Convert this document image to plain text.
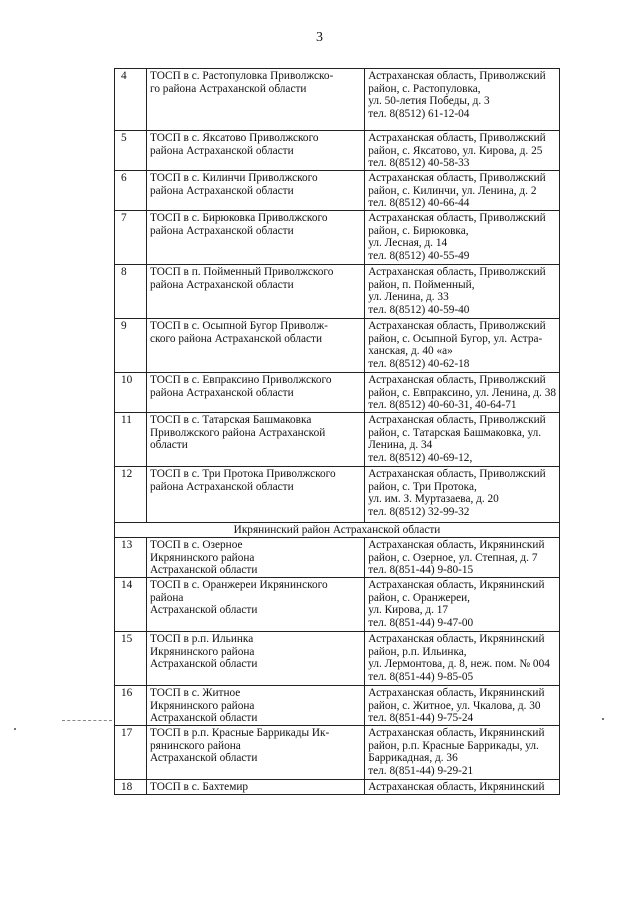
3
4	ТОСП в с. Растопуловка Приволжско-
го района Астраханской области	Астраханская область, Приволжский
район, с. Растопуловка,
ул. 50-летия Победы, д. 3
тел. 8(8512) 61-12-04

5	ТОСП в с. Яксатово Приволжского
района Астраханской области	Астраханская область, Приволжский
район, с. Яксатово, ул. Кирова, д. 25
тел. 8(8512) 40-58-33

6	ТОСП в с. Килинчи Приволжского
района Астраханской области	Астраханская область, Приволжский
район, с. Килинчи, ул. Ленина, д. 2
тел. 8(8512) 40-66-44

7	ТОСП в с. Бирюковка Приволжского
района Астраханской области	Астраханская область, Приволжский
район, с. Бирюковка,
ул. Лесная, д. 14
тел. 8(8512) 40-55-49

8	ТОСП в п. Пойменный Приволжского
района Астраханской области	Астраханская область, Приволжский
район, п. Пойменный,
ул. Ленина, д. 33
тел. 8(8512) 40-59-40

9	ТОСП в с. Осыпной Бугор Приволж-
ского района Астраханской области	Астраханская область, Приволжский
район, с. Осыпной Бугор, ул. Астра-
ханская, д. 40 «а»
тел. 8(8512) 40-62-18

10	ТОСП в с. Евпраксино Приволжского
района Астраханской области	Астраханская область, Приволжский
район, с. Евпраксино, ул. Ленина, д. 38
тел. 8(8512) 40-60-31, 40-64-71

11	ТОСП в с. Татарская Башмаковка
Приволжского района Астраханской
области	Астраханская область, Приволжский
район, с. Татарская Башмаковка, ул.
Ленина, д. 34
тел. 8(8512) 40-69-12,

12	ТОСП в с. Три Протока Приволжского
района Астраханской области	Астраханская область, Приволжский
район, с. Три Протока,
ул. им. З. Муртазаева, д. 20
тел. 8(8512) 32-99-32

Икрянинский район Астраханской области		
13	ТОСП в с. Озерное
Икрянинского района
Астраханской области	Астраханская область, Икрянинский
район, с. Озерное, ул. Степная, д. 7
тел. 8(851-44) 9-80-15

14	ТОСП в с. Оранжереи Икрянинского
района
Астраханской области	Астраханская область, Икрянинский
район, с. Оранжереи,
ул. Кирова, д. 17
тел. 8(851-44) 9-47-00

15	ТОСП в р.п. Ильинка
Икрянинского района
Астраханской области	Астраханская область, Икрянинский
район, р.п. Ильинка,
ул. Лермонтова, д. 8, неж. пом. № 004
тел. 8(851-44) 9-85-05

16	ТОСП в с. Житное
Икрянинского района
Астраханской области	Астраханская область, Икрянинский
район, с. Житное, ул. Чкалова, д. 30
тел. 8(851-44) 9-75-24

17	ТОСП в р.п. Красные Баррикады Ик-
рянинского района
Астраханской области	Астраханская область, Икрянинский
район, р.п. Красные Баррикады, ул.
Баррикадная, д. 36
тел. 8(851-44) 9-29-21

18	ТОСП в с. Бахтемир	Астраханская область, Икрянинский
